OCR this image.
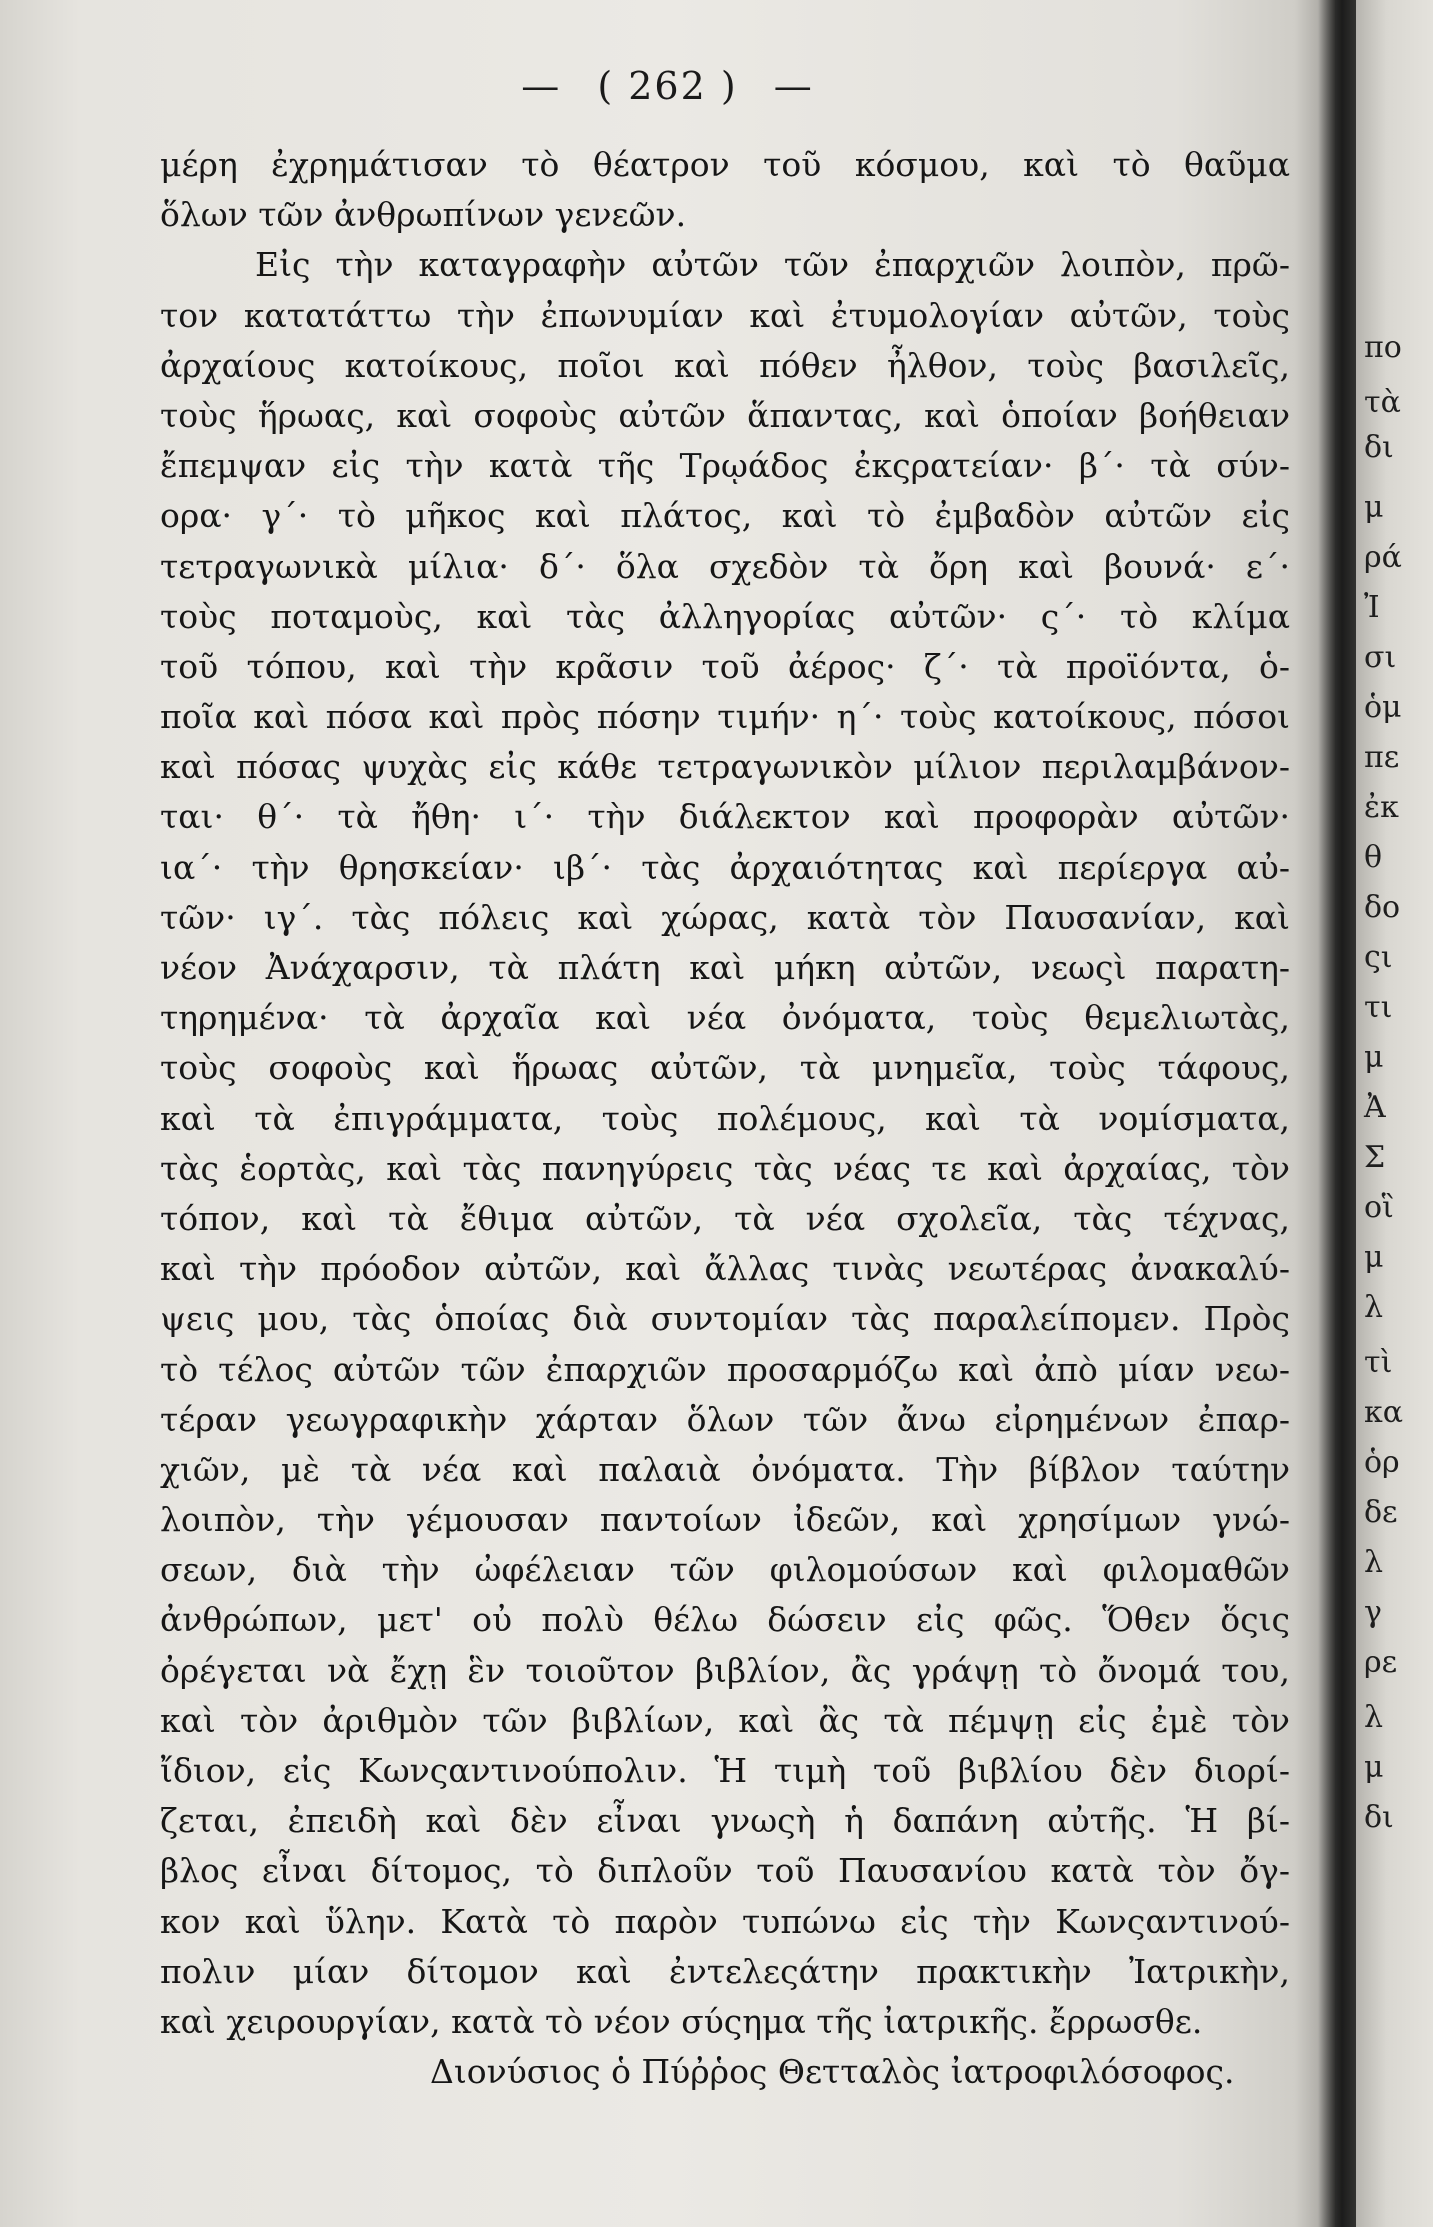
— ( 262 ) —
μέρη ἐχρημάτισαν τὸ θέατρον τοῦ κόσμου, καὶ τὸ θαῦμα
ὅλων τῶν ἀνθρωπίνων γενεῶν.
Εἰς τὴν καταγραφὴν αὐτῶν τῶν ἐπαρχιῶν λοιπὸν, πρῶ-
τον κατατάττω τὴν ἐπωνυμίαν καὶ ἐτυμολογίαν αὐτῶν, τοὺς
ἀρχαίους κατοίκους, ποῖοι καὶ πόθεν ἦλθον, τοὺς βασιλεῖς,
τοὺς ἥρωας, καὶ σοφοὺς αὐτῶν ἅπαντας, καὶ ὁποίαν βοήθειαν
ἔπεμψαν εἰς τὴν κατὰ τῆς Τρῳάδος ἐκςρατείαν· β΄· τὰ σύν-
ορα· γ΄· τὸ μῆκος καὶ πλάτος, καὶ τὸ ἐμβαδὸν αὐτῶν εἰς
τετραγωνικὰ μίλια· δ΄· ὅλα σχεδὸν τὰ ὄρη καὶ βουνά· ε΄·
τοὺς ποταμοὺς, καὶ τὰς ἀλληγορίας αὐτῶν· ς΄· τὸ κλίμα
τοῦ τόπου, καὶ τὴν κρᾶσιν τοῦ ἀέρος· ζ΄· τὰ προϊόντα, ὁ-
ποῖα καὶ πόσα καὶ πρὸς πόσην τιμήν· η΄· τοὺς κατοίκους, πόσοι
καὶ πόσας ψυχὰς εἰς κάθε τετραγωνικὸν μίλιον περιλαμβάνον-
ται· θ΄· τὰ ἤθη· ι΄· τὴν διάλεκτον καὶ προφορὰν αὐτῶν·
ια΄· τὴν θρησκείαν· ιβ΄· τὰς ἀρχαιότητας καὶ περίεργα αὐ-
τῶν· ιγ΄. τὰς πόλεις καὶ χώρας, κατὰ τὸν Παυσανίαν, καὶ
νέον Ἀνάχαρσιν, τὰ πλάτη καὶ μήκη αὐτῶν, νεωςὶ παρατη-
τηρημένα· τὰ ἀρχαῖα καὶ νέα ὀνόματα, τοὺς θεμελιωτὰς,
τοὺς σοφοὺς καὶ ἥρωας αὐτῶν, τὰ μνημεῖα, τοὺς τάφους,
καὶ τὰ ἐπιγράμματα, τοὺς πολέμους, καὶ τὰ νομίσματα,
τὰς ἑορτὰς, καὶ τὰς πανηγύρεις τὰς νέας τε καὶ ἀρχαίας, τὸν
τόπον, καὶ τὰ ἔθιμα αὐτῶν, τὰ νέα σχολεῖα, τὰς τέχνας,
καὶ τὴν πρόοδον αὐτῶν, καὶ ἄλλας τινὰς νεωτέρας ἀνακαλύ-
ψεις μου, τὰς ὁποίας διὰ συντομίαν τὰς παραλείπομεν. Πρὸς
τὸ τέλος αὐτῶν τῶν ἐπαρχιῶν προσαρμόζω καὶ ἀπὸ μίαν νεω-
τέραν γεωγραφικὴν χάρταν ὅλων τῶν ἄνω εἰρημένων ἐπαρ-
χιῶν, μὲ τὰ νέα καὶ παλαιὰ ὀνόματα. Τὴν βίβλον ταύτην
λοιπὸν, τὴν γέμουσαν παντοίων ἰδεῶν, καὶ χρησίμων γνώ-
σεων, διὰ τὴν ὠφέλειαν τῶν φιλομούσων καὶ φιλομαθῶν
ἀνθρώπων, μετ' οὐ πολὺ θέλω δώσειν εἰς φῶς. Ὅθεν ὅςις
ὀρέγεται νὰ ἔχῃ ἓν τοιοῦτον βιβλίον, ἂς γράψῃ τὸ ὄνομά του,
καὶ τὸν ἀριθμὸν τῶν βιβλίων, καὶ ἂς τὰ πέμψῃ εἰς ἐμὲ τὸν
ἴδιον, εἰς Κωνςαντινούπολιν. Ἡ τιμὴ τοῦ βιβλίου δὲν διορί-
ζεται, ἐπειδὴ καὶ δὲν εἶναι γνωςὴ ἡ δαπάνη αὐτῆς. Ἡ βί-
βλος εἶναι δίτομος, τὸ διπλοῦν τοῦ Παυσανίου κατὰ τὸν ὄγ-
κον καὶ ὕλην. Κατὰ τὸ παρὸν τυπώνω εἰς τὴν Κωνςαντινού-
πολιν μίαν δίτομον καὶ ἐντελεςάτην πρακτικὴν Ἰατρικὴν,
καὶ χειρουργίαν, κατὰ τὸ νέον σύςημα τῆς ἰατρικῆς. ἔρρωσθε.
Διονύσιος ὁ Πύῤῥος Θετταλὸς ἰατροφιλόσοφος.
πο
τὰ
δι
μ
ρά
Ἰ
σι
ὁμ
πε
ἐκ
θ
δο
ςι
τι
μ
Ἀ
Σ
οἳ
μ
λ
τὶ
κα
ὁρ
δε
λ
γ
ρε
λ
μ
δι
